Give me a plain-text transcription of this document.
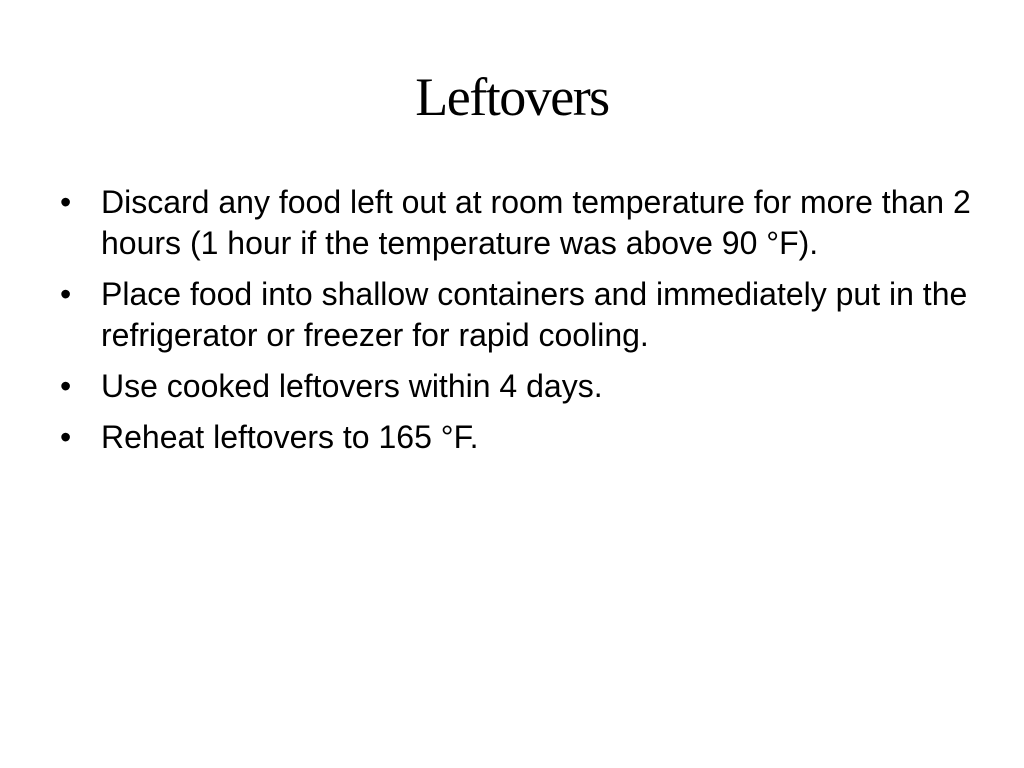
Leftovers
• Discard any food left out at room temperature for more than 2 hours (1 hour if the temperature was above 90 °F).
• Place food into shallow containers and immediately put in the refrigerator or freezer for rapid cooling.
• Use cooked leftovers within 4 days.
• Reheat leftovers to 165 °F.
